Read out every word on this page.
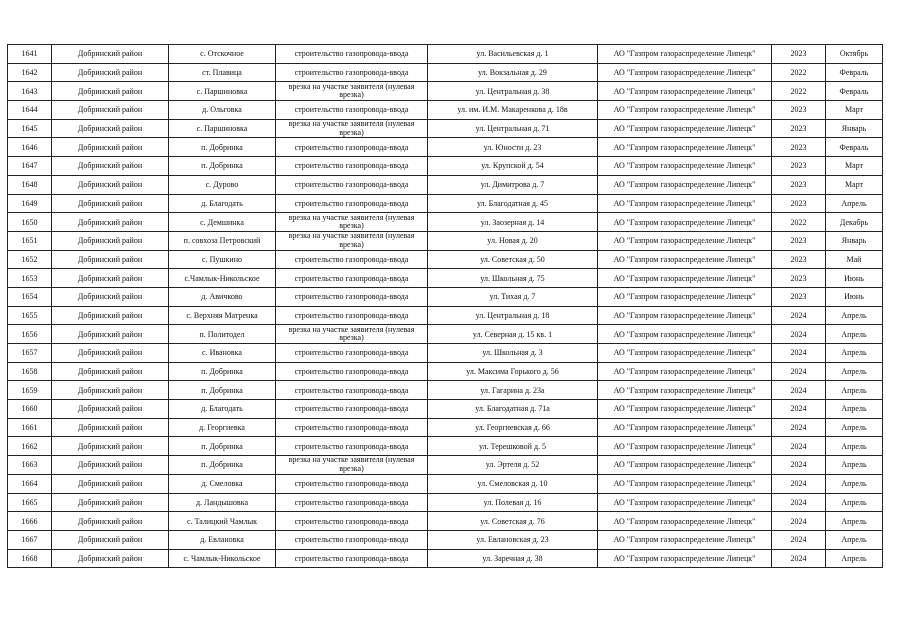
1641	Добринский район	с. Отскочное	строительство газопровода-ввода	ул. Васильевская д. 1	АО "Газпром газораспределение Липецк"	2023	Октябрь
1642	Добринский район	ст. Плавица	строительство газопровода-ввода	ул. Вокзальная д. 29	АО "Газпром газораспределение Липецк"	2022	Февраль
1643	Добринский район	с. Паршиновка	врезка на участке заявителя (нулевая врезка)	ул. Центральная д. 38	АО "Газпром газораспределение Липецк"	2022	Февраль
1644	Добринский район	д. Ольговка	строительство газопровода-ввода	ул. им. И.М. Макаренкова д. 18в	АО "Газпром газораспределение Липецк"	2023	Март
1645	Добринский район	с. Паршиновка	врезка на участке заявителя (нулевая врезка)	ул. Центральная д. 71	АО "Газпром газораспределение Липецк"	2023	Январь
1646	Добринский район	п. Добринка	строительство газопровода-ввода	ул. Юности д. 23	АО "Газпром газораспределение Липецк"	2023	Февраль
1647	Добринский район	п. Добринка	строительство газопровода-ввода	ул. Крупской д. 54	АО "Газпром газораспределение Липецк"	2023	Март
1648	Добринский район	с. Дурово	строительство газопровода-ввода	ул. Димитрова д. 7	АО "Газпром газораспределение Липецк"	2023	Март
1649	Добринский район	д. Благодать	строительство газопровода-ввода	ул. Благодатная д. 45	АО "Газпром газораспределение Липецк"	2023	Апрель
1650	Добринский район	с. Демшинка	врезка на участке заявителя (нулевая врезка)	ул. Заозерная д. 14	АО "Газпром газораспределение Липецк"	2022	Декабрь
1651	Добринский район	п. совхоза Петровский	врезка на участке заявителя (нулевая врезка)	ул. Новая д. 20	АО "Газпром газораспределение Липецк"	2023	Январь
1652	Добринский район	с. Пушкино	строительство газопровода-ввода	ул. Советская д. 50	АО "Газпром газораспределение Липецк"	2023	Май
1653	Добринский район	с.Чамлык-Никольское	строительство газопровода-ввода	ул. Школьная д. 75	АО "Газпром газораспределение Липецк"	2023	Июнь
1654	Добринский район	д. Авичково	строительство газопровода-ввода	ул. Тихая д. 7	АО "Газпром газораспределение Липецк"	2023	Июнь
1655	Добринский район	с. Верхняя Матренка	строительство газопровода-ввода	ул. Центральная д. 18	АО "Газпром газораспределение Липецк"	2024	Апрель
1656	Добринский район	п. Политодел	врезка на участке заявителя (нулевая врезка)	ул. Северная д. 15 кв. 1	АО "Газпром газораспределение Липецк"	2024	Апрель
1657	Добринский район	с. Ивановка	строительство газопровода-ввода	ул. Школьная д. 3	АО "Газпром газораспределение Липецк"	2024	Апрель
1658	Добринский район	п. Добринка	строительство газопровода-ввода	ул. Максима Горького д. 56	АО "Газпром газораспределение Липецк"	2024	Апрель
1659	Добринский район	п. Добринка	строительство газопровода-ввода	ул. Гагарина д. 23а	АО "Газпром газораспределение Липецк"	2024	Апрель
1660	Добринский район	д. Благодать	строительство газопровода-ввода	ул. Благодатная д. 71а	АО "Газпром газораспределение Липецк"	2024	Апрель
1661	Добринский район	д. Георгиевка	строительство газопровода-ввода	ул. Георгиевская д. 66	АО "Газпром газораспределение Липецк"	2024	Апрель
1662	Добринский район	п. Добринка	строительство газопровода-ввода	ул. Терешковой д. 5	АО "Газпром газораспределение Липецк"	2024	Апрель
1663	Добринский район	п. Добринка	врезка на участке заявителя (нулевая врезка)	ул. Эртеля д. 52	АО "Газпром газораспределение Липецк"	2024	Апрель
1664	Добринский район	д. Смеловка	строительство газопровода-ввода	ул. Смеловская д. 10	АО "Газпром газораспределение Липецк"	2024	Апрель
1665	Добринский район	д. Ландышовка	строительство газопровода-ввода	ул. Полевая д. 16	АО "Газпром газораспределение Липецк"	2024	Апрель
1666	Добринский район	с. Талицкий Чамлык	строительство газопровода-ввода	ул. Советская д. 76	АО "Газпром газораспределение Липецк"	2024	Апрель
1667	Добринский район	д. Евлановка	строительство газопровода-ввода	ул. Евлановская д. 23	АО "Газпром газораспределение Липецк"	2024	Апрель
1668	Добринский район	с. Чамлык-Никольское	строительство газопровода-ввода	ул. Заречная д. 38	АО "Газпром газораспределение Липецк"	2024	Апрель
